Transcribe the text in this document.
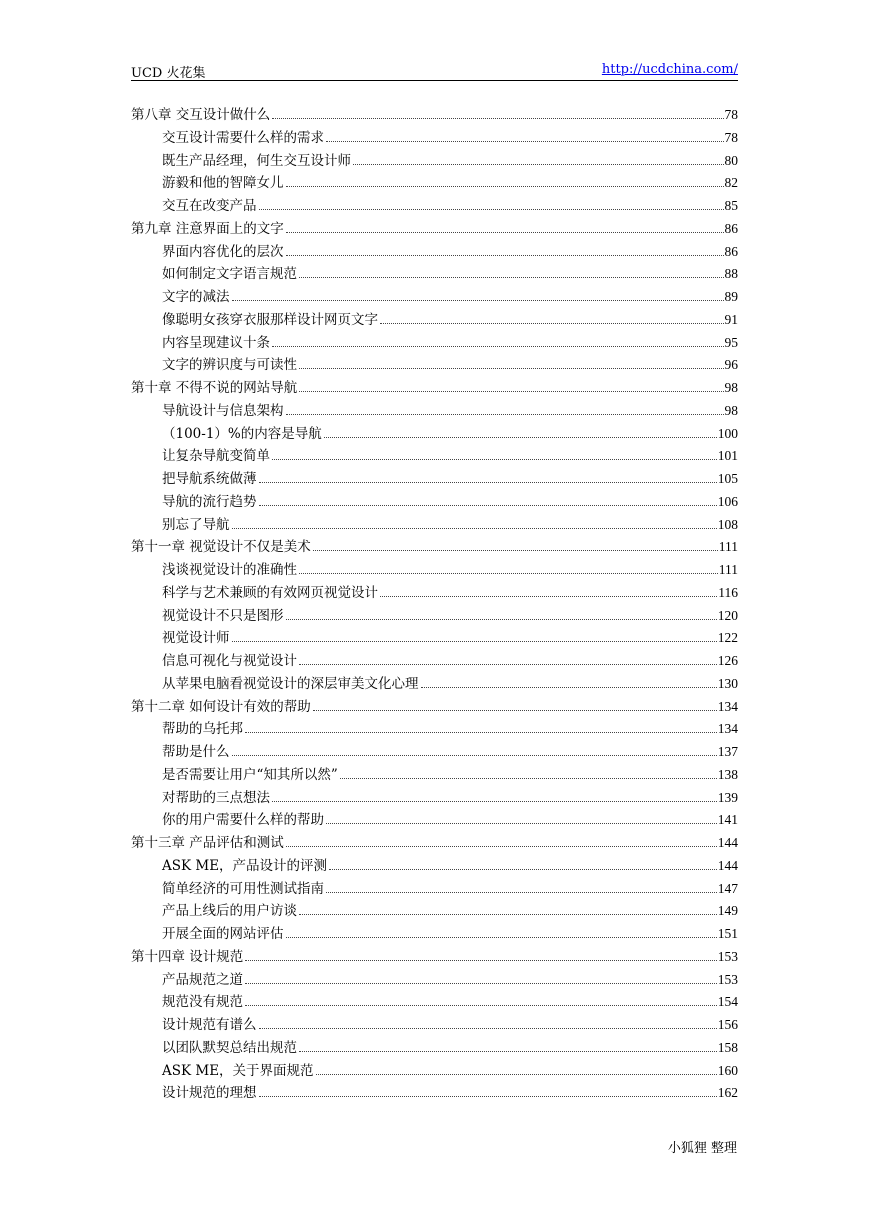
UCD 火花集	http://ucdchina.com/
第八章 交互设计做什么	78
交互设计需要什么样的需求	78
既生产品经理，何生交互设计师	80
游毅和他的智障女儿	82
交互在改变产品	85
第九章 注意界面上的文字	86
界面内容优化的层次	86
如何制定文字语言规范	88
文字的减法	89
像聪明女孩穿衣服那样设计网页文字	91
内容呈现建议十条	95
文字的辨识度与可读性	96
第十章 不得不说的网站导航	98
导航设计与信息架构	98
（100-1）%的内容是导航	100
让复杂导航变简单	101
把导航系统做薄	105
导航的流行趋势	106
别忘了导航	108
第十一章 视觉设计不仅是美术	111
浅谈视觉设计的准确性	111
科学与艺术兼顾的有效网页视觉设计	116
视觉设计不只是图形	120
视觉设计师	122
信息可视化与视觉设计	126
从苹果电脑看视觉设计的深层审美文化心理	130
第十二章 如何设计有效的帮助	134
帮助的乌托邦	134
帮助是什么	137
是否需要让用户“知其所以然”	138
对帮助的三点想法	139
你的用户需要什么样的帮助	141
第十三章 产品评估和测试	144
ASK ME，产品设计的评测	144
简单经济的可用性测试指南	147
产品上线后的用户访谈	149
开展全面的网站评估	151
第十四章 设计规范	153
产品规范之道	153
规范没有规范	154
设计规范有谱么	156
以团队默契总结出规范	158
ASK ME，关于界面规范	160
设计规范的理想	162
小狐狸 整理
